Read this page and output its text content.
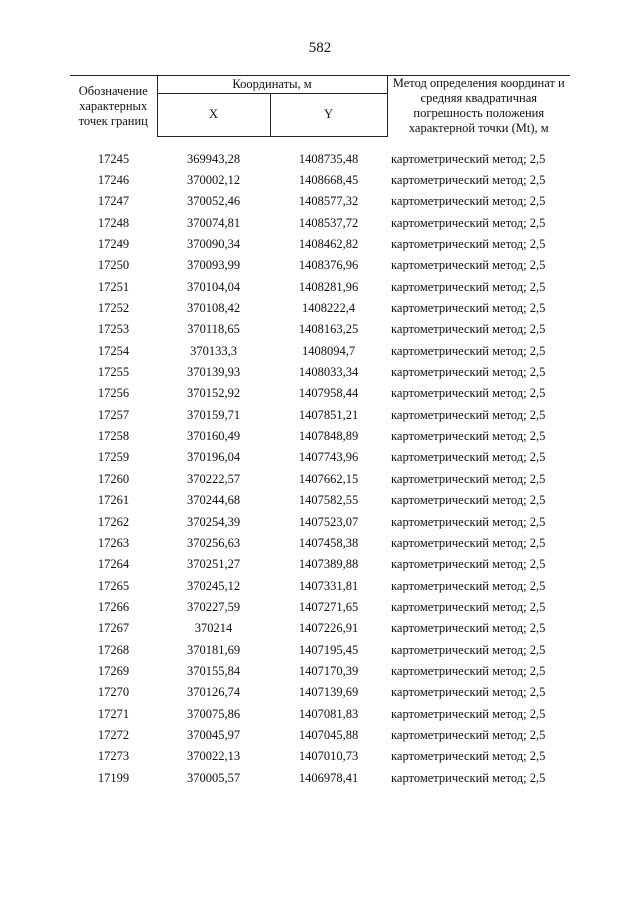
582
Обозначение характерных точек границ	Координаты, м		Метод определения координат и средняя квадратичная погрешность положения характерной точки (Mt), м
	X	Y	

17245	369943,28	1408735,48	картометрический метод; 2,5
17246	370002,12	1408668,45	картометрический метод; 2,5
17247	370052,46	1408577,32	картометрический метод; 2,5
17248	370074,81	1408537,72	картометрический метод; 2,5
17249	370090,34	1408462,82	картометрический метод; 2,5
17250	370093,99	1408376,96	картометрический метод; 2,5
17251	370104,04	1408281,96	картометрический метод; 2,5
17252	370108,42	1408222,4	картометрический метод; 2,5
17253	370118,65	1408163,25	картометрический метод; 2,5
17254	370133,3	1408094,7	картометрический метод; 2,5
17255	370139,93	1408033,34	картометрический метод; 2,5
17256	370152,92	1407958,44	картометрический метод; 2,5
17257	370159,71	1407851,21	картометрический метод; 2,5
17258	370160,49	1407848,89	картометрический метод; 2,5
17259	370196,04	1407743,96	картометрический метод; 2,5
17260	370222,57	1407662,15	картометрический метод; 2,5
17261	370244,68	1407582,55	картометрический метод; 2,5
17262	370254,39	1407523,07	картометрический метод; 2,5
17263	370256,63	1407458,38	картометрический метод; 2,5
17264	370251,27	1407389,88	картометрический метод; 2,5
17265	370245,12	1407331,81	картометрический метод; 2,5
17266	370227,59	1407271,65	картометрический метод; 2,5
17267	370214	1407226,91	картометрический метод; 2,5
17268	370181,69	1407195,45	картометрический метод; 2,5
17269	370155,84	1407170,39	картометрический метод; 2,5
17270	370126,74	1407139,69	картометрический метод; 2,5
17271	370075,86	1407081,83	картометрический метод; 2,5
17272	370045,97	1407045,88	картометрический метод; 2,5
17273	370022,13	1407010,73	картометрический метод; 2,5
17199	370005,57	1406978,41	картометрический метод; 2,5
